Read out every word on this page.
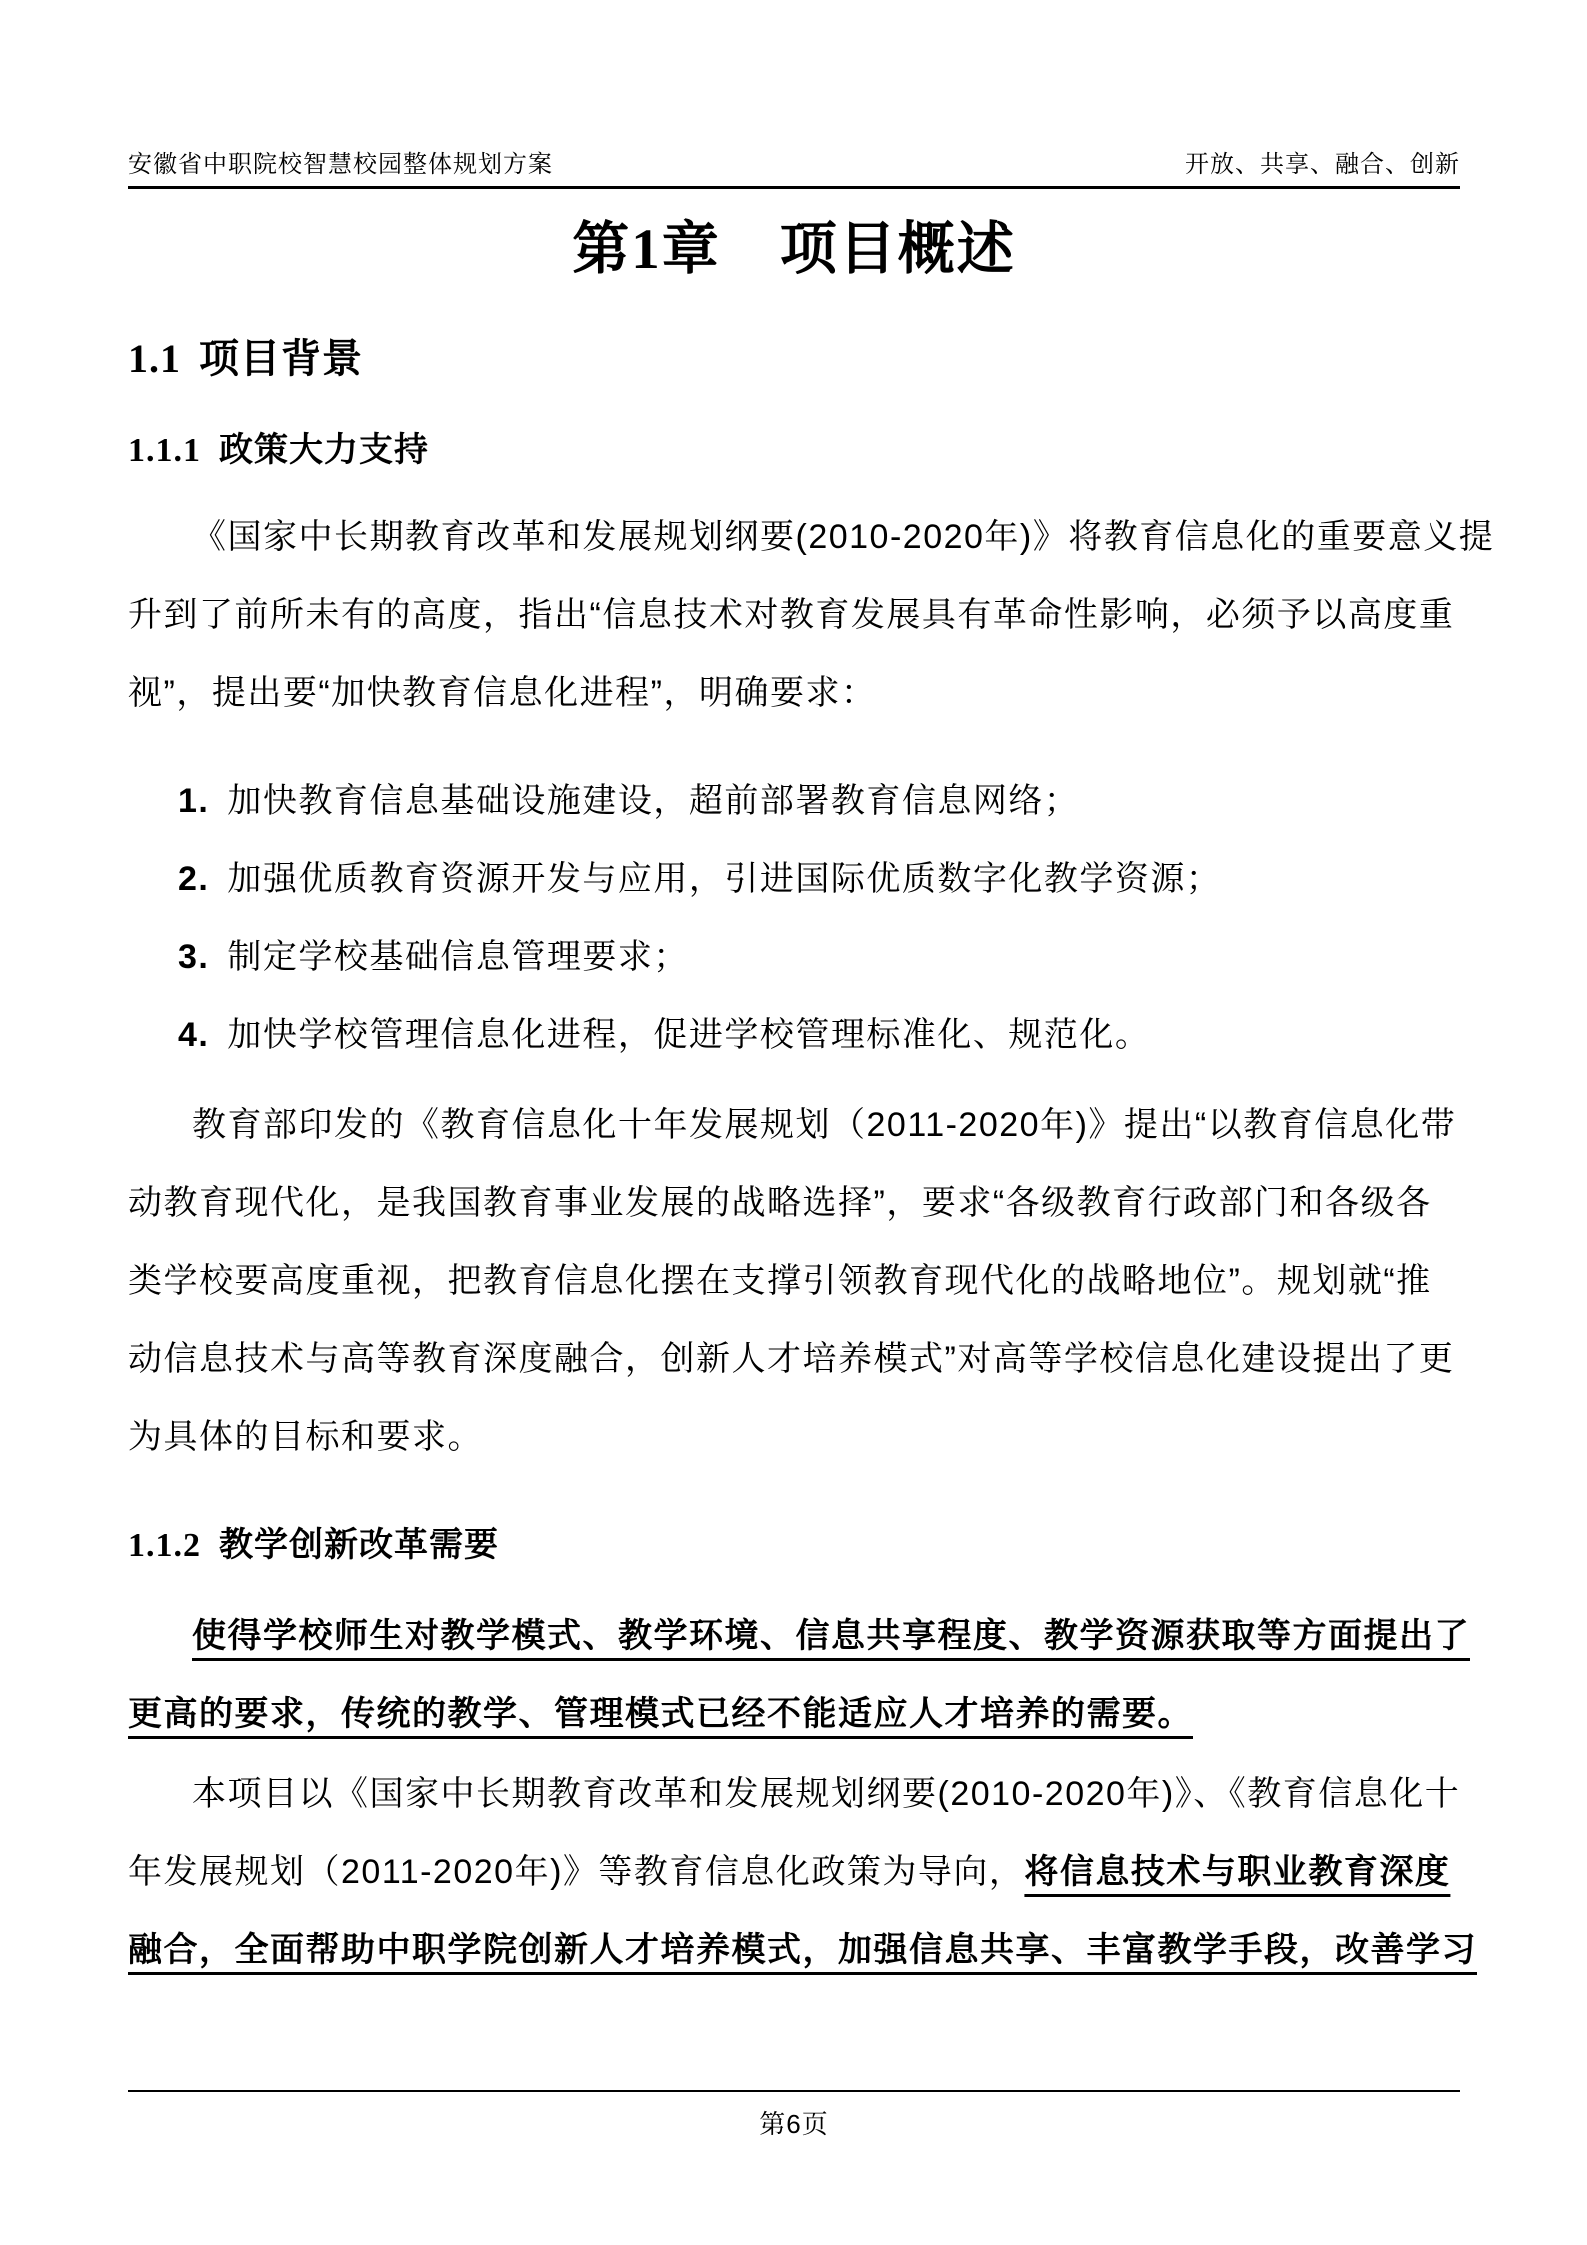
安徽省中职院校智慧校园整体规划方案	开放、共享、融合、创新
第1章　项目概述
1.1 项目背景
1.1.1 政策大力支持
《国家中长期教育改革和发展规划纲要(2010-2020年)》将教育信息化的重要意义提
升到了前所未有的高度，指出“信息技术对教育发展具有革命性影响，必须予以高度重
视”，提出要“加快教育信息化进程”，明确要求：
1. 加快教育信息基础设施建设，超前部署教育信息网络；
2. 加强优质教育资源开发与应用，引进国际优质数字化教学资源；
3. 制定学校基础信息管理要求；
4. 加快学校管理信息化进程，促进学校管理标准化、规范化。
教育部印发的《教育信息化十年发展规划（2011-2020年)》提出“以教育信息化带
动教育现代化，是我国教育事业发展的战略选择”，要求“各级教育行政部门和各级各
类学校要高度重视，把教育信息化摆在支撑引领教育现代化的战略地位”。规划就“推
动信息技术与高等教育深度融合，创新人才培养模式”对高等学校信息化建设提出了更
为具体的目标和要求。
1.1.2 教学创新改革需要
使得学校师生对教学模式、教学环境、信息共享程度、教学资源获取等方面提出了
更高的要求，传统的教学、管理模式已经不能适应人才培养的需要。
本项目以《国家中长期教育改革和发展规划纲要(2010-2020年)》、《教育信息化十
年发展规划（2011-2020年)》等教育信息化政策为导向，将信息技术与职业教育深度
融合，全面帮助中职学院创新人才培养模式，加强信息共享、丰富教学手段，改善学习
第6页
